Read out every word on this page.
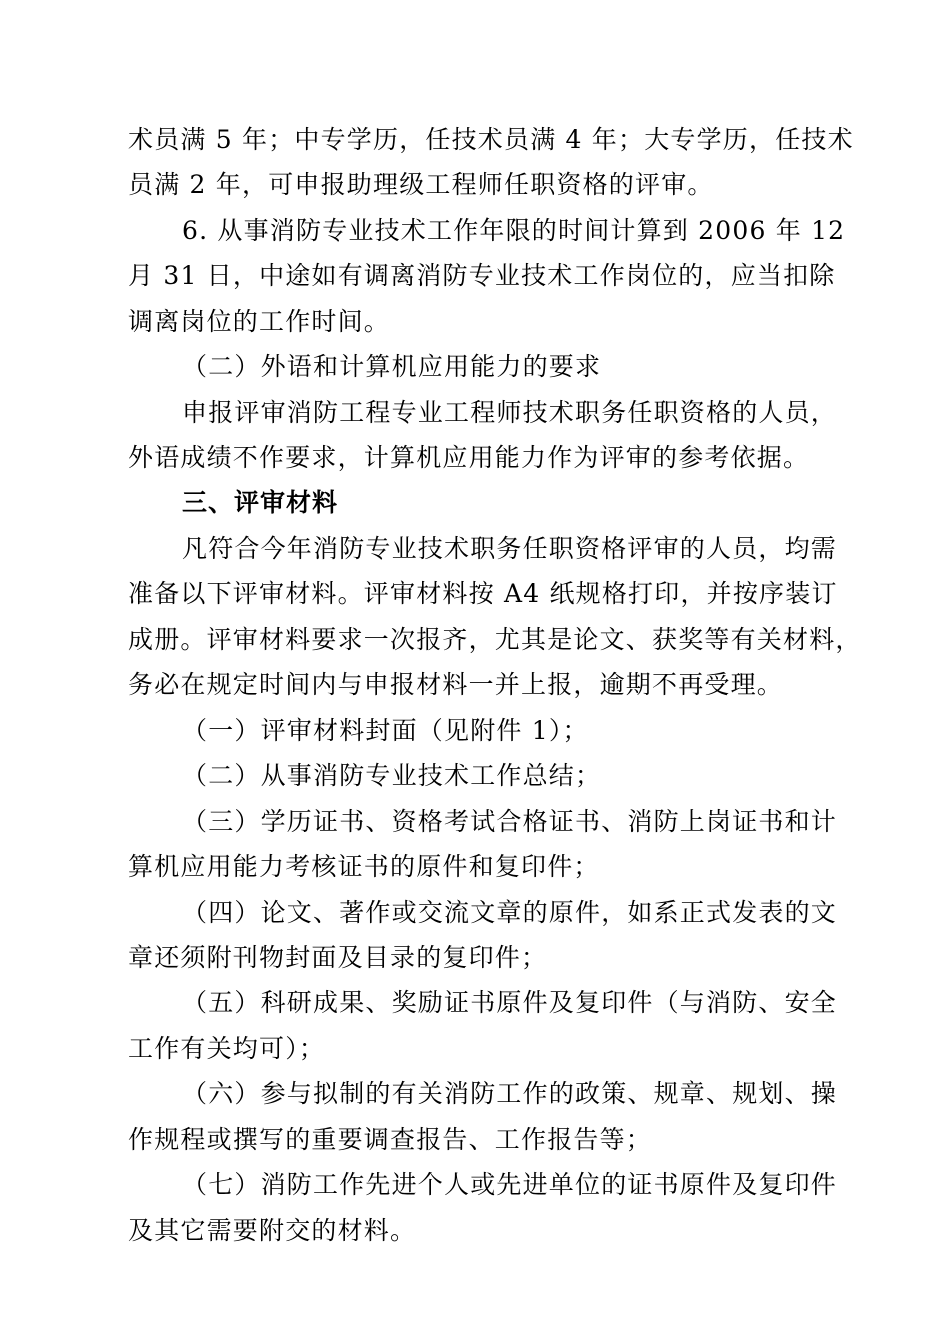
术员满 5 年；中专学历，任技术员满 4 年；大专学历，任技术
员满 2 年，可申报助理级工程师任职资格的评审。
6. 从事消防专业技术工作年限的时间计算到 2006 年 12
月 31 日，中途如有调离消防专业技术工作岗位的，应当扣除
调离岗位的工作时间。
（二）外语和计算机应用能力的要求
申报评审消防工程专业工程师技术职务任职资格的人员，
外语成绩不作要求，计算机应用能力作为评审的参考依据。
三、评审材料
凡符合今年消防专业技术职务任职资格评审的人员，均需
准备以下评审材料。评审材料按 A4 纸规格打印，并按序装订
成册。评审材料要求一次报齐，尤其是论文、获奖等有关材料，
务必在规定时间内与申报材料一并上报，逾期不再受理。
（一）评审材料封面（见附件 1）；
（二）从事消防专业技术工作总结；
（三）学历证书、资格考试合格证书、消防上岗证书和计
算机应用能力考核证书的原件和复印件；
（四）论文、著作或交流文章的原件，如系正式发表的文
章还须附刊物封面及目录的复印件；
（五）科研成果、奖励证书原件及复印件（与消防、安全
工作有关均可）；
（六）参与拟制的有关消防工作的政策、规章、规划、操
作规程或撰写的重要调查报告、工作报告等；
（七）消防工作先进个人或先进单位的证书原件及复印件
及其它需要附交的材料。
